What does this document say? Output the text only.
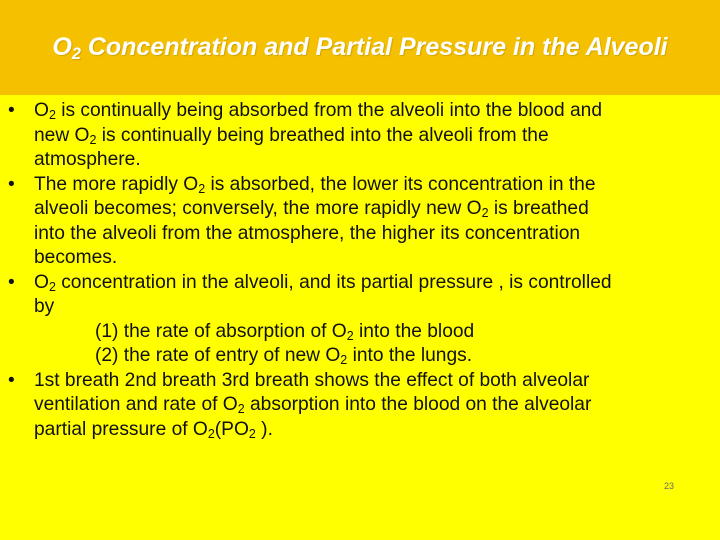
$O_2$ Concentration and Partial Pressure in the Alveoli
• $O_2$ is continually being absorbed from the alveoli into the blood and
new $O_2$ is continually being breathed into the alveoli from the
atmosphere.
• The more rapidly $O_2$ is absorbed, the lower its concentration in the
alveoli becomes; conversely, the more rapidly new $O_2$ is breathed
into the alveoli from the atmosphere, the higher its concentration
becomes.
• $O_2$ concentration in the alveoli, and its partial pressure , is controlled
by
(1) the rate of absorption of $O_2$ into the blood
(2) the rate of entry of new $O_2$ into the lungs.
• 1st breath 2nd breath 3rd breath shows the effect of both alveolar
ventilation and rate of $O_2$ absorption into the blood on the alveolar
partial pressure of $O_2(PO_2$ ).
23
